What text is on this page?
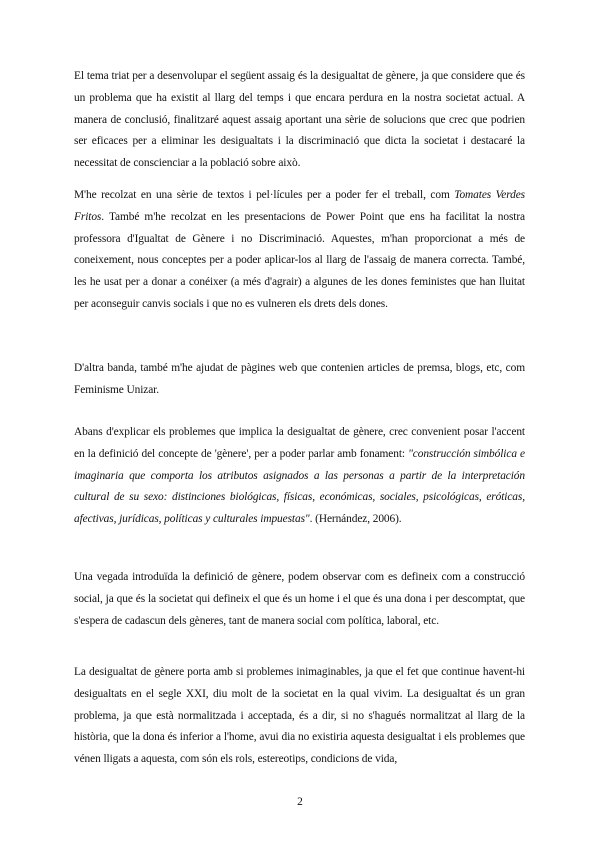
El tema triat per a desenvolupar el següent assaig és la desigualtat de gènere, ja que considere que és un problema que ha existit al llarg del temps i que encara perdura en la nostra societat actual. A manera de conclusió, finalitzaré aquest assaig aportant una sèrie de solucions que crec que podrien ser eficaces per a eliminar les desigualtats i la discriminació que dicta la societat i destacaré la necessitat de conscienciar a la població sobre això.

M'he recolzat en una sèrie de textos i pel·lícules per a poder fer el treball, com Tomates Verdes Fritos. També m'he recolzat en les presentacions de Power Point que ens ha facilitat la nostra professora d'Igualtat de Gènere i no Discriminació. Aquestes, m'han proporcionat a més de coneixement, nous conceptes per a poder aplicar-los al llarg de l'assaig de manera correcta. També, les he usat per a donar a conéixer (a més d'agrair) a algunes de les dones feministes que han lluitat per aconseguir canvis socials i que no es vulneren els drets dels dones.

D'altra banda, també m'he ajudat de pàgines web que contenien articles de premsa, blogs, etc, com Feminisme Unizar.

Abans d'explicar els problemes que implica la desigualtat de gènere, crec convenient posar l'accent en la definició del concepte de 'gènere', per a poder parlar amb fonament: "construcción simbólica e imaginaria que comporta los atributos asignados a las personas a partir de la interpretación cultural de su sexo: distinciones biológicas, físicas, económicas, sociales, psicológicas, eróticas, afectivas, jurídicas, políticas y culturales impuestas". (Hernández, 2006).

Una vegada introduïda la definició de gènere, podem observar com es defineix com a construcció social, ja que és la societat qui defineix el que és un home i el que és una dona i per descomptat, que s'espera de cadascun dels gèneres, tant de manera social com política, laboral, etc.

La desigualtat de gènere porta amb si problemes inimaginables, ja que el fet que continue havent-hi desigualtats en el segle XXI, diu molt de la societat en la qual vivim. La desigualtat és un gran problema, ja que està normalitzada i acceptada, és a dir, si no s'hagués normalitzat al llarg de la història, que la dona és inferior a l'home, avui dia no existiria aquesta desigualtat i els problemes que vénen lligats a aquesta, com són els rols, estereotips, condicions de vida,

2
